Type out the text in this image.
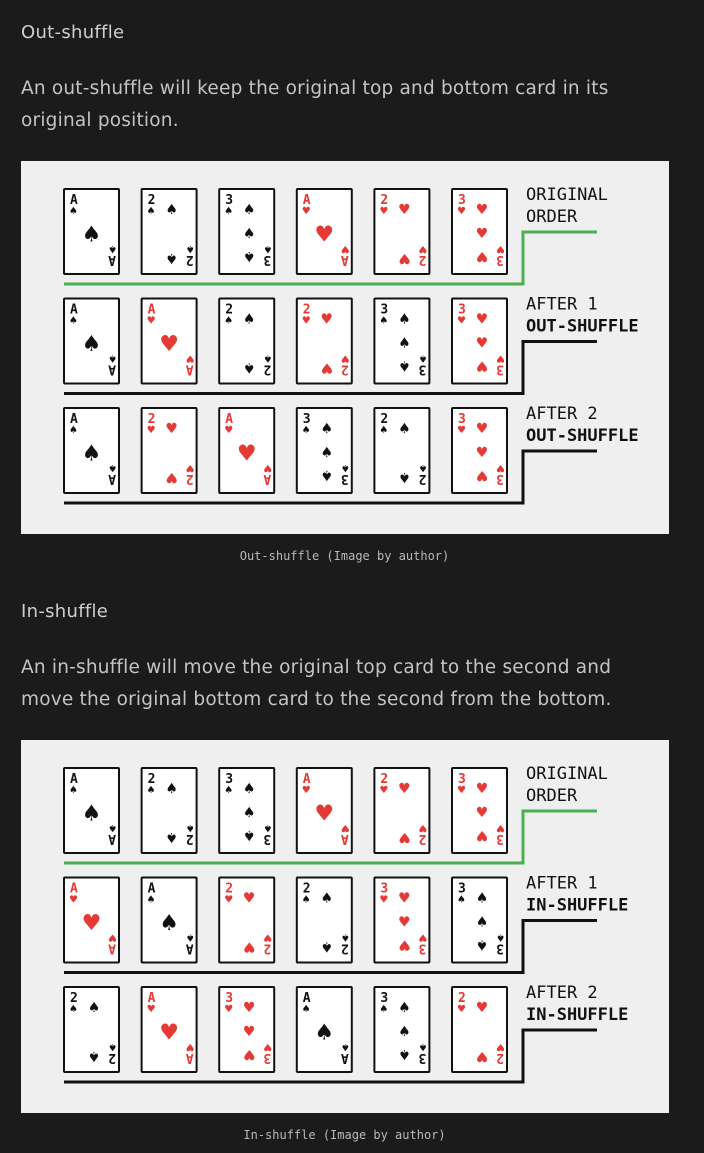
Out-shuffle

An out-shuffle will keep the original top and bottom card in its original position.

A
♠
A
♠
♠
2
♠
2
♠
♠
♠
3
♠
3
♠
♠
♠
♠
A
♥
A
♥
♥
2
♥
2
♥
♥
♥
3
♥
3
♥
♥
♥
♥
ORIGINAL
ORDER
A
♠
A
♠
♠
A
♥
A
♥
♥
2
♠
2
♠
♠
♠
2
♥
2
♥
♥
♥
3
♠
3
♠
♠
♠
♠
3
♥
3
♥
♥
♥
♥
AFTER 1
OUT-SHUFFLE
A
♠
A
♠
♠
2
♥
2
♥
♥
♥
A
♥
A
♥
♥
3
♠
3
♠
♠
♠
♠
2
♠
2
♠
♠
♠
3
♥
3
♥
♥
♥
♥
AFTER 2
OUT-SHUFFLE
Out-shuffle (Image by author)
In-shuffle

An in-shuffle will move the original top card to the second and move the original bottom card to the second from the bottom.

A
♠
A
♠
♠
2
♠
2
♠
♠
♠
3
♠
3
♠
♠
♠
♠
A
♥
A
♥
♥
2
♥
2
♥
♥
♥
3
♥
3
♥
♥
♥
♥
ORIGINAL
ORDER
A
♥
A
♥
♥
A
♠
A
♠
♠
2
♥
2
♥
♥
♥
2
♠
2
♠
♠
♠
3
♥
3
♥
♥
♥
♥
3
♠
3
♠
♠
♠
♠
AFTER 1
IN-SHUFFLE
2
♠
2
♠
♠
♠
A
♥
A
♥
♥
3
♥
3
♥
♥
♥
♥
A
♠
A
♠
♠
3
♠
3
♠
♠
♠
♠
2
♥
2
♥
♥
♥
AFTER 2
IN-SHUFFLE
In-shuffle (Image by author)
